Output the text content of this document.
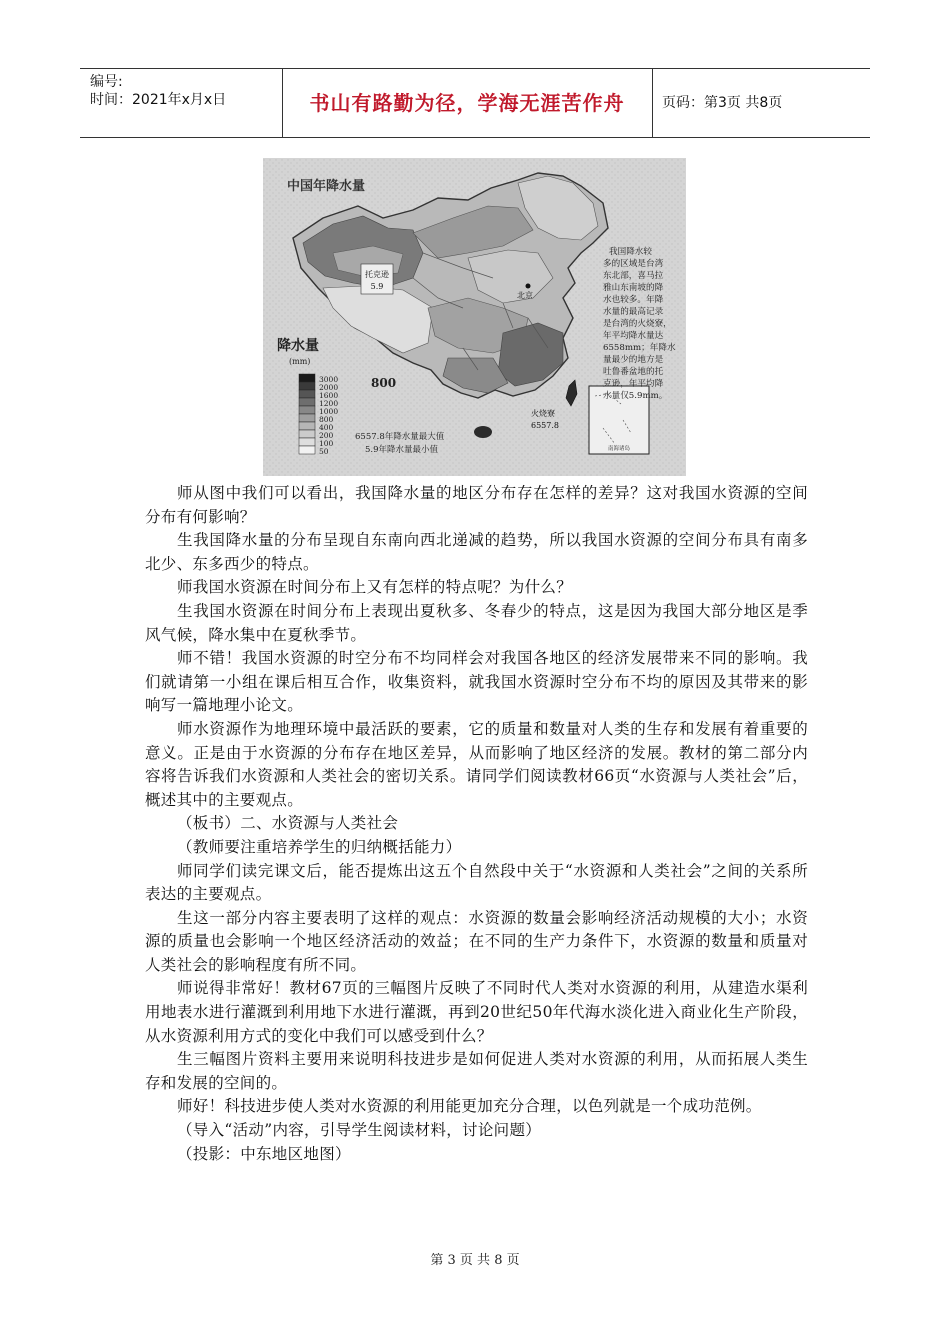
编号:
时间：2021年x月x日	书山有路勤为径，学海无涯苦作舟	页码：第3页 共8页
中国年降水量
托克逊
5.9
北京
降水量
(mm)
3000
2000
1600
1200
1000
800
400
200
100
50
800
6557.8年降水量最大值
5.9年降水量最小值
火烧寮
6557.8
南海诸岛
我国降水较
多的区域是台湾
东北部，喜马拉
雅山东南坡的降
水也较多。年降
水量的最高记录
是台湾的火烧寮，
年平均降水量达
6558mm；年降水
量最少的地方是
吐鲁番盆地的托
克逊，年平均降
水量仅5.9mm。

师从图中我们可以看出，我国降水量的地区分布存在怎样的差异？这对我国水资源的空间分布有何影响？

生我国降水量的分布呈现自东南向西北递减的趋势，所以我国水资源的空间分布具有南多北少、东多西少的特点。

师我国水资源在时间分布上又有怎样的特点呢？为什么？

生我国水资源在时间分布上表现出夏秋多、冬春少的特点，这是因为我国大部分地区是季风气候，降水集中在夏秋季节。

师不错！我国水资源的时空分布不均同样会对我国各地区的经济发展带来不同的影响。我们就请第一小组在课后相互合作，收集资料，就我国水资源时空分布不均的原因及其带来的影响写一篇地理小论文。

师水资源作为地理环境中最活跃的要素，它的质量和数量对人类的生存和发展有着重要的意义。正是由于水资源的分布存在地区差异，从而影响了地区经济的发展。教材的第二部分内容将告诉我们水资源和人类社会的密切关系。请同学们阅读教材66页“水资源与人类社会”后，概述其中的主要观点。

（板书）二、水资源与人类社会

（教师要注重培养学生的归纳概括能力）

师同学们读完课文后，能否提炼出这五个自然段中关于“水资源和人类社会”之间的关系所表达的主要观点。

生这一部分内容主要表明了这样的观点：水资源的数量会影响经济活动规模的大小；水资源的质量也会影响一个地区经济活动的效益；在不同的生产力条件下，水资源的数量和质量对人类社会的影响程度有所不同。

师说得非常好！教材67页的三幅图片反映了不同时代人类对水资源的利用，从建造水渠利用地表水进行灌溉到利用地下水进行灌溉，再到20世纪50年代海水淡化进入商业化生产阶段，从水资源利用方式的变化中我们可以感受到什么？

生三幅图片资料主要用来说明科技进步是如何促进人类对水资源的利用，从而拓展人类生存和发展的空间的。

师好！科技进步使人类对水资源的利用能更加充分合理，以色列就是一个成功范例。

（导入“活动”内容，引导学生阅读材料，讨论问题）

（投影：中东地区地图）

第 3 页 共 8 页
